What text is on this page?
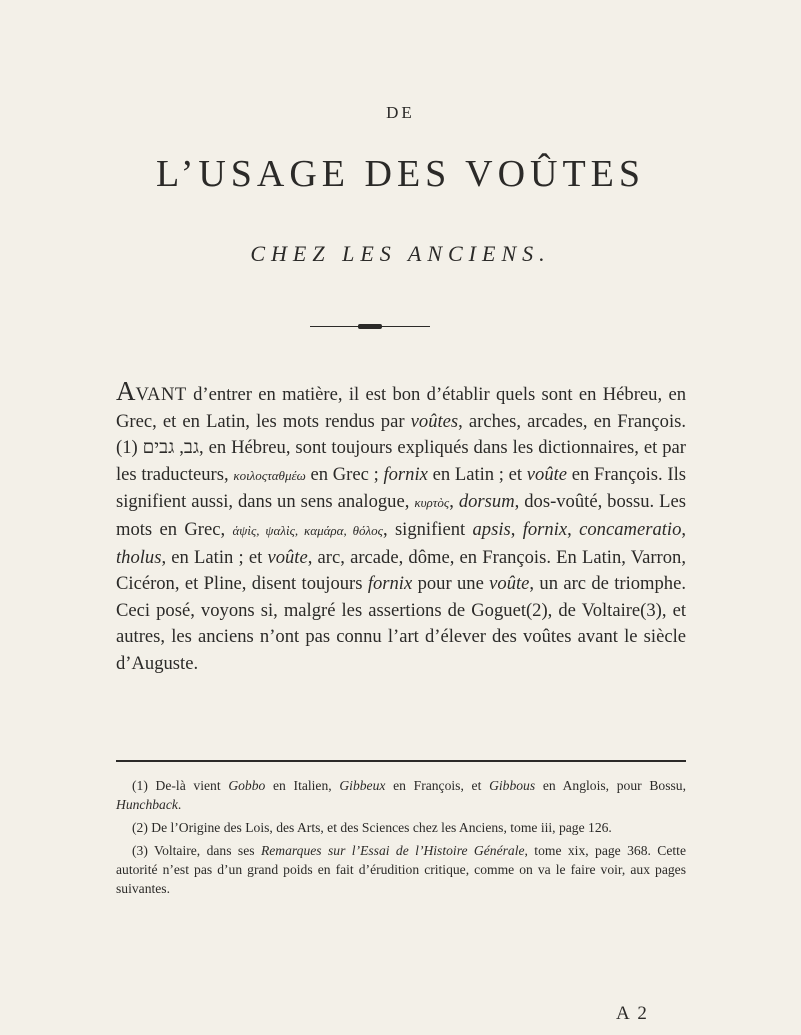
DE
L’USAGE DES VOÛTES
CHEZ LES ANCIENS.

AVANT d’entrer en matière, il est bon d’établir quels sont en Hébreu, en Grec, et en Latin, les mots rendus par voûtes, arches, arcades, en François. גב, גבים (1), en Hébreu, sont toujours expliqués dans les dictionnaires, et par les traducteurs, κοιλοςταθμέω en Grec ; fornix en Latin ; et voûte en François. Ils signifient aussi, dans un sens analogue, κυρτὸς, dorsum, dos-voûté, bossu. Les mots en Grec, ἁψὶς, ψαλὶς, καμάρα, θόλος, signifient apsis, fornix, concameratio, tholus, en Latin ; et voûte, arc, arcade, dôme, en François. En Latin, Varron, Cicéron, et Pline, disent toujours fornix pour une voûte, un arc de triomphe. Ceci posé, voyons si, malgré les assertions de Goguet(2), de Voltaire(3), et autres, les anciens n’ont pas connu l’art d’élever des voûtes avant le siècle d’Auguste.

(1) De-là vient Gobbo en Italien, Gibbeux en François, et Gibbous en Anglois, pour Bossu, Hunchback.

(2) De l’Origine des Lois, des Arts, et des Sciences chez les Anciens, tome iii, page 126.

(3) Voltaire, dans ses Remarques sur l’Essai de l’Histoire Générale, tome xix, page 368. Cette autorité n’est pas d’un grand poids en fait d’érudition critique, comme on va le faire voir, aux pages suivantes.

A 2
